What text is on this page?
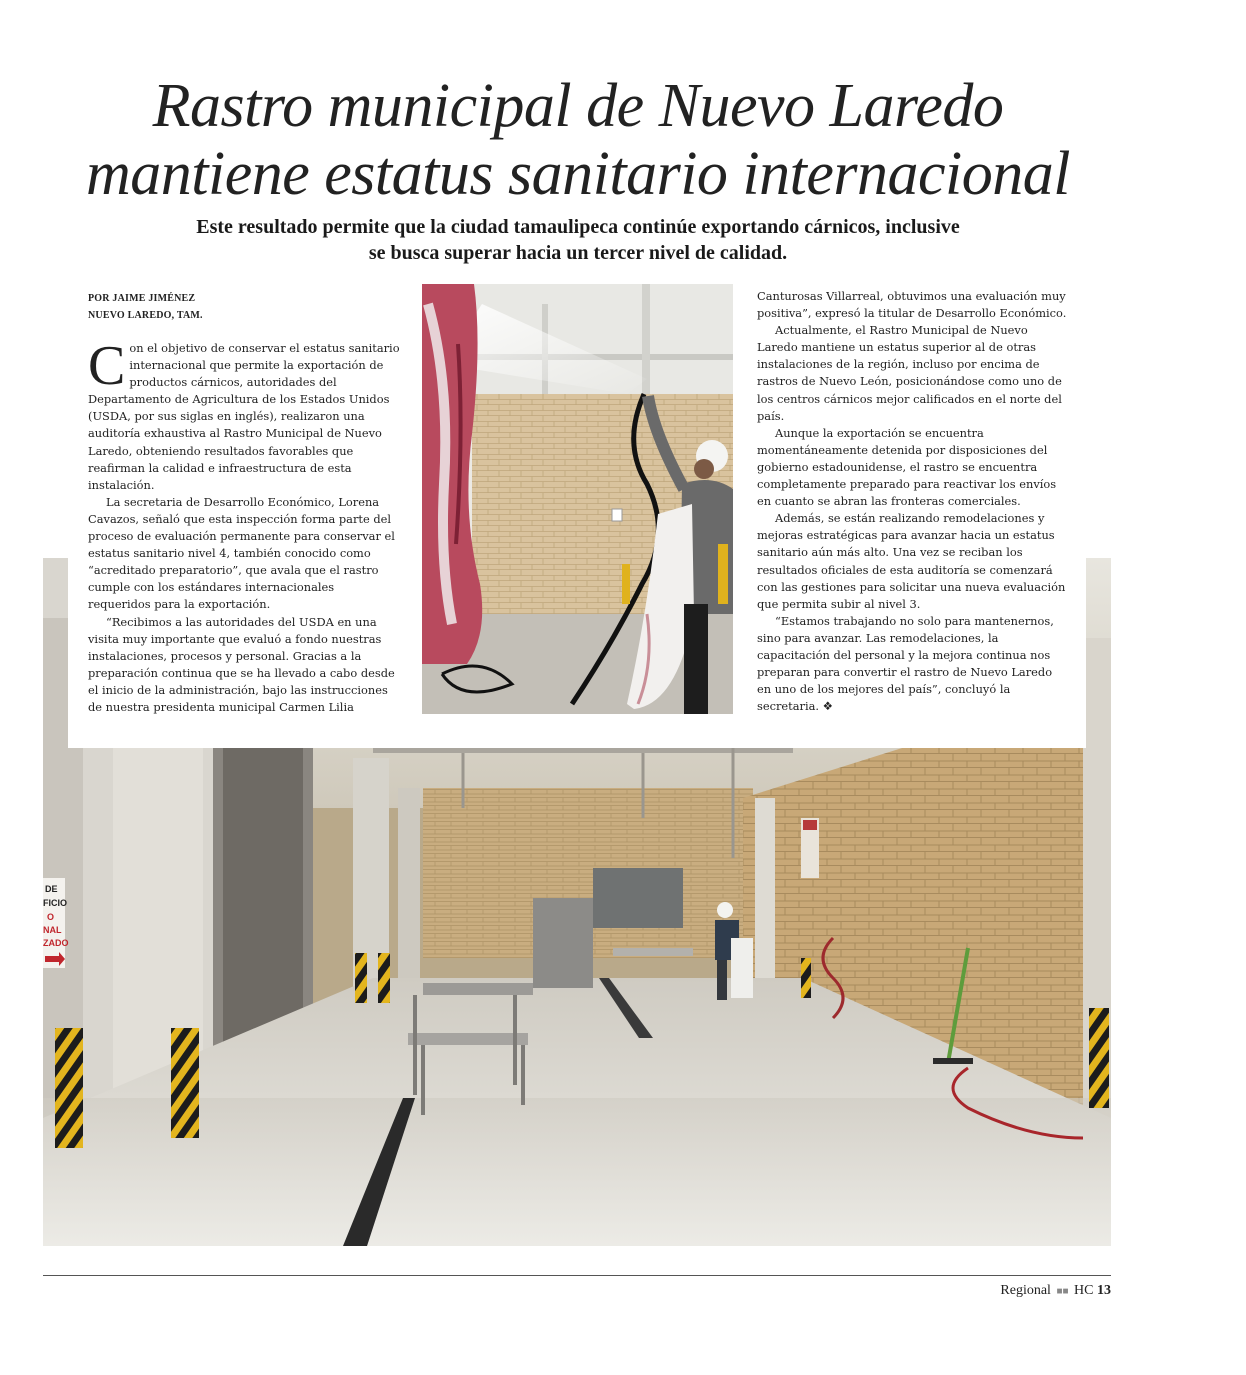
Rastro municipal de Nuevo Laredo
mantiene estatus sanitario internacional

Este resultado permite que la ciudad tamaulipeca continúe exportando cárnicos, inclusive
se busca superar hacia un tercer nivel de calidad.

DE
FICIO
O
NAL
ZADO
POR JAIME JIMÉNEZ
NUEVO LAREDO, TAM.

Con el objetivo de conservar el estatus sanitario internacional que permite la exportación de productos cárnicos, autoridades del Departamento de Agricultura de los Estados Unidos (USDA, por sus siglas en inglés), realizaron una auditoría exhaustiva al Rastro Municipal de Nuevo Laredo, obteniendo resultados favorables que reafirman la calidad e infraestructura de esta instalación.

La secretaria de Desarrollo Económico, Lorena Cavazos, señaló que esta inspección forma parte del proceso de evaluación permanente para conservar el estatus sanitario nivel 4, también conocido como “acreditado preparatorio”, que avala que el rastro cumple con los estándares internacionales requeridos para la exportación.

“Recibimos a las autoridades del USDA en una visita muy importante que evaluó a fondo nuestras instalaciones, procesos y personal. Gracias a la preparación continua que se ha llevado a cabo desde el inicio de la administración, bajo las instrucciones de nuestra presidenta municipal Carmen Lilia

Canturosas Villarreal, obtuvimos una evaluación muy positiva”, expresó la titular de Desarrollo Económico.

Actualmente, el Rastro Municipal de Nuevo Laredo mantiene un estatus superior al de otras instalaciones de la región, incluso por encima de rastros de Nuevo León, posicionándose como uno de los centros cárnicos mejor calificados en el norte del país.

Aunque la exportación se encuentra momentáneamente detenida por disposiciones del gobierno estadounidense, el rastro se encuentra completamente preparado para reactivar los envíos en cuanto se abran las fronteras comerciales.

Además, se están realizando remodelaciones y mejoras estratégicas para avanzar hacia un estatus sanitario aún más alto. Una vez se reciban los resultados oficiales de esta auditoría se comenzará con las gestiones para solicitar una nueva evaluación que permita subir al nivel 3.

“Estamos trabajando no solo para mantenernos, sino para avanzar. Las remodelaciones, la capacitación del personal y la mejora continua nos preparan para convertir el rastro de Nuevo Laredo en uno de los mejores del país”, concluyó la secretaria. ❖

Regional ■■ HC 13
